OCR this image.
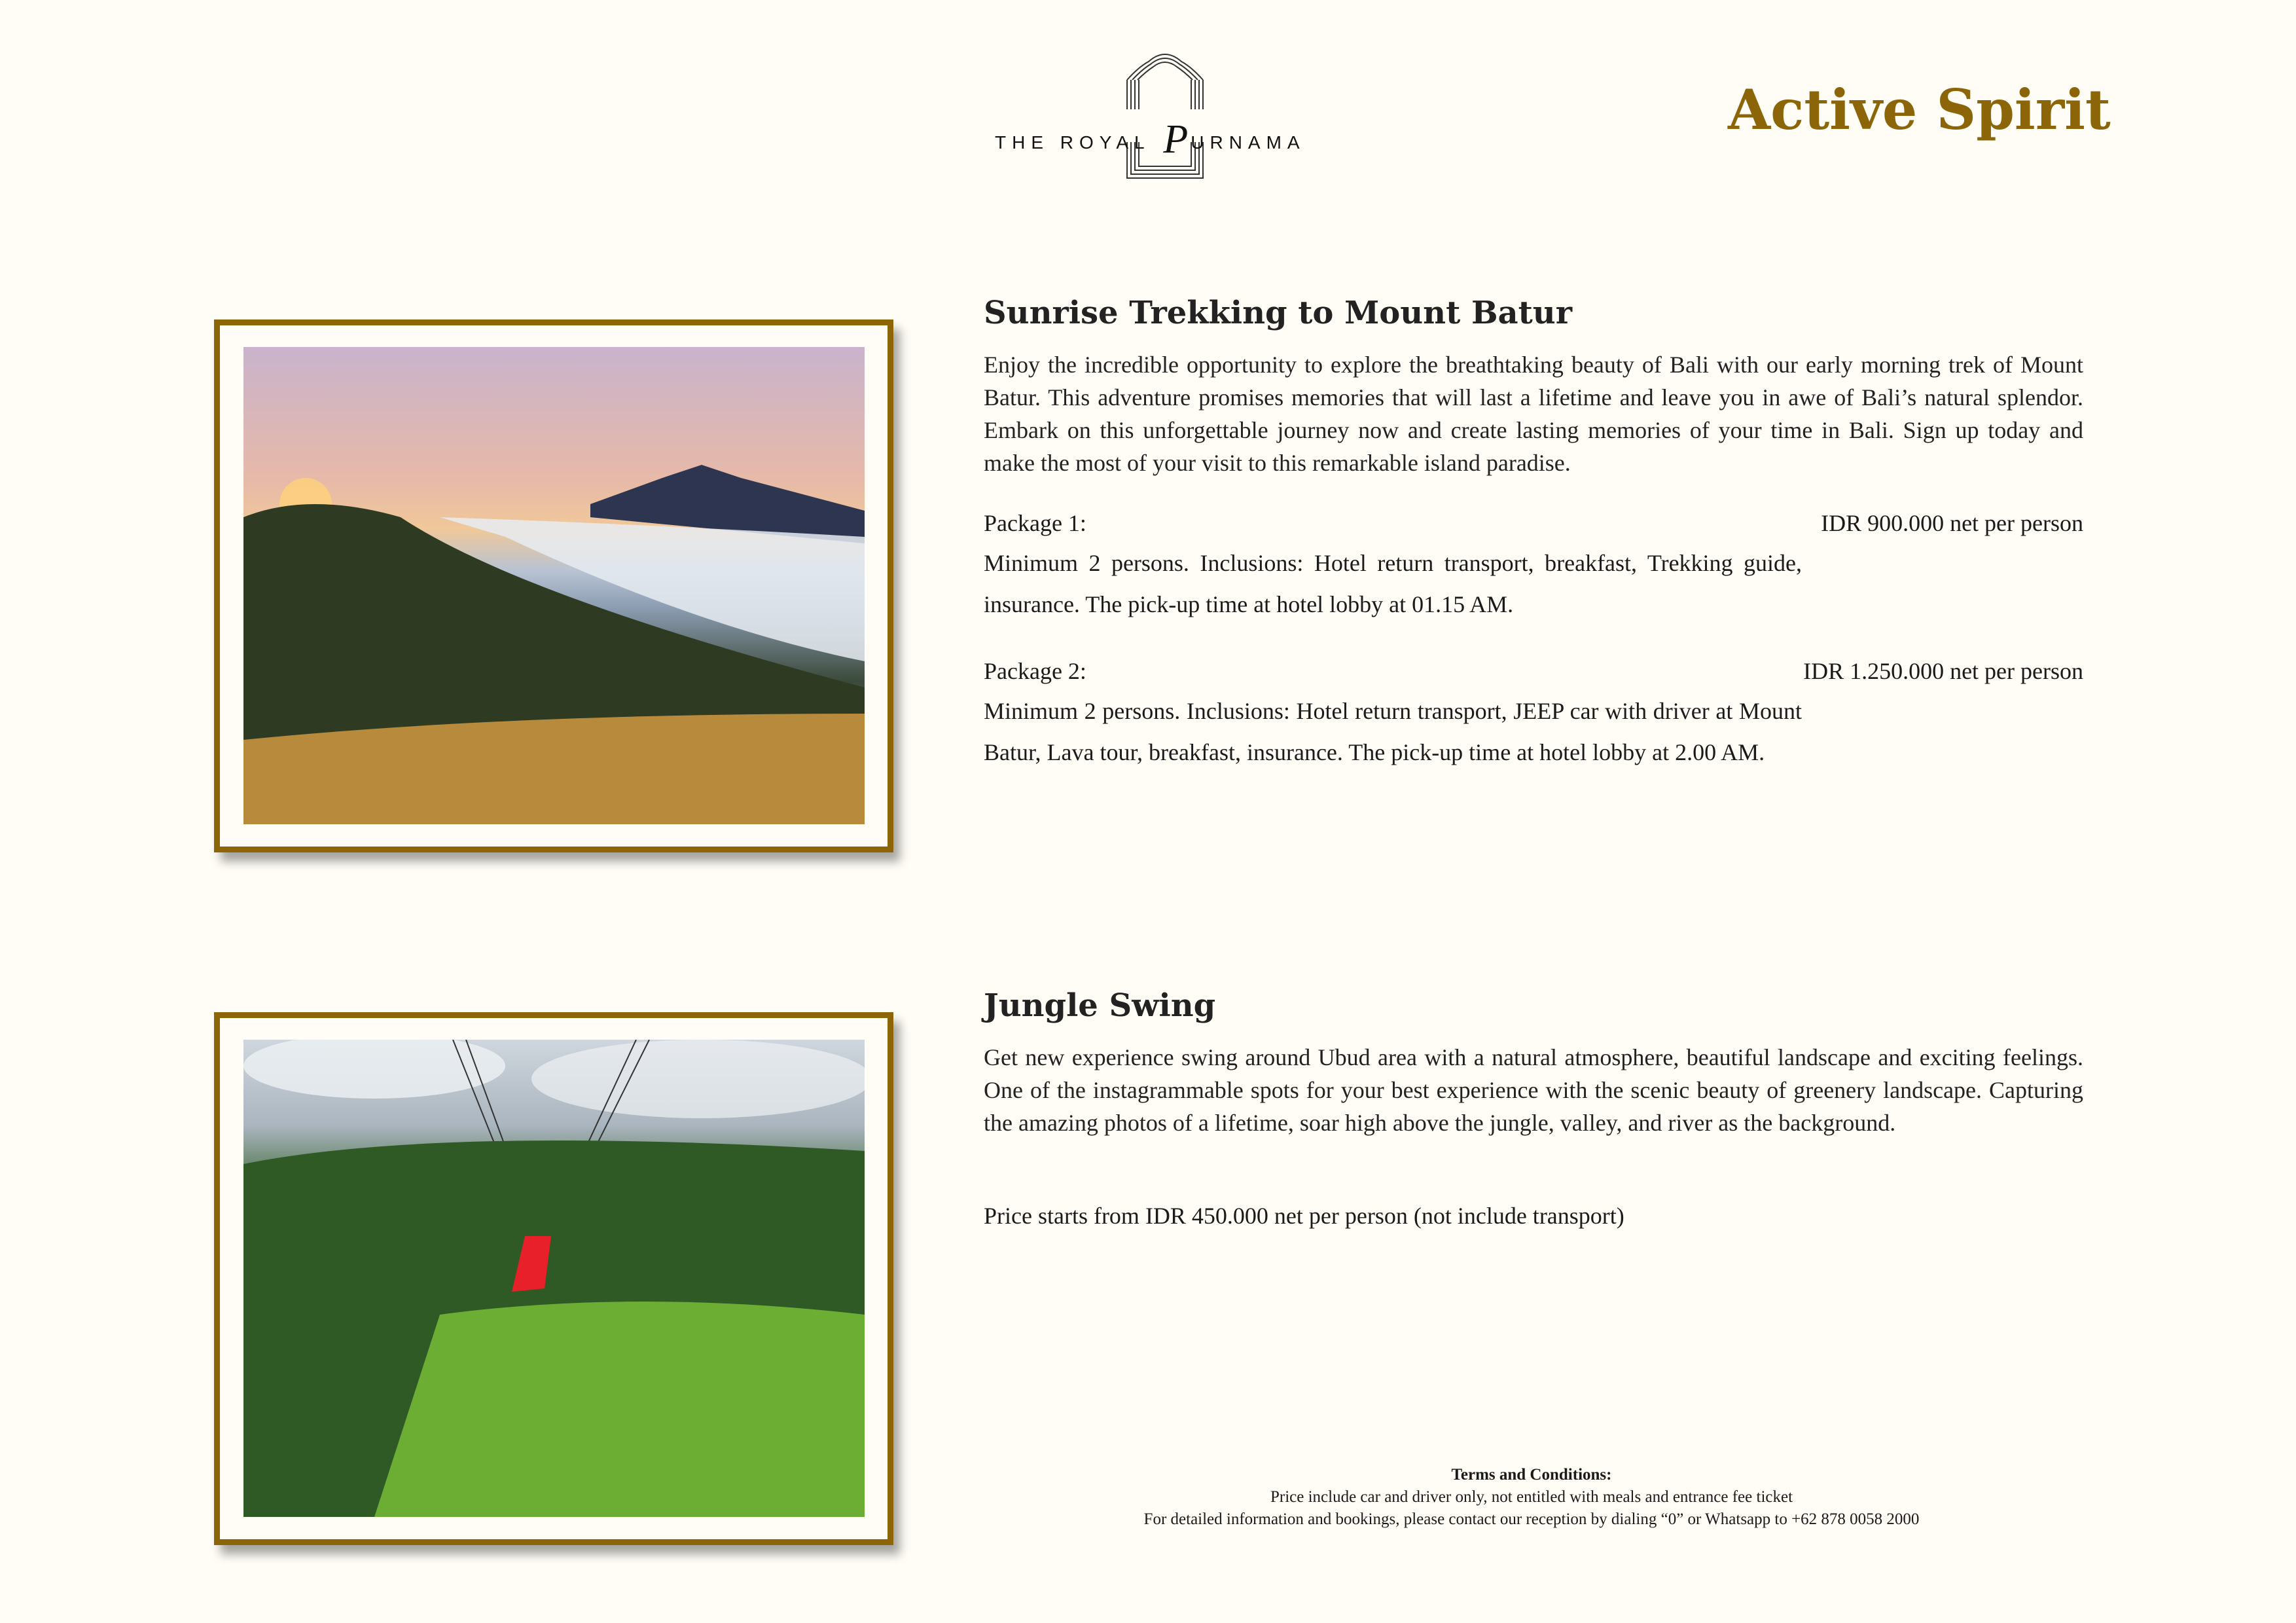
THE ROYAL P URNAMA
Active Spirit
Sunrise Trekking to Mount Batur
Enjoy the incredible opportunity to explore the breathtaking beauty of Bali with our early morning trek of Mount Batur. This adventure promises memories that will last a lifetime and leave you in awe of Bali’s natural splendor. Embark on this unforgettable journey now and create lasting memories of your time in Bali. Sign up today and make the most of your visit to this remarkable island paradise.
Package 1:	IDR 900.000 net per person
Minimum 2 persons. Inclusions: Hotel return transport, breakfast, Trekking guide, insurance. The pick-up time at hotel lobby at 01.15 AM.
Package 2:	IDR 1.250.000 net per person
Minimum 2 persons. Inclusions: Hotel return transport, JEEP car with driver at Mount Batur, Lava tour, breakfast, insurance. The pick-up time at hotel lobby at 2.00 AM.
Jungle Swing
Get new experience swing around Ubud area with a natural atmosphere, beautiful landscape and exciting feelings. One of the instagrammable spots for your best experience with the scenic beauty of greenery landscape. Capturing the amazing photos of a lifetime, soar high above the jungle, valley, and river as the background.
Price starts from IDR 450.000 net per person (not include transport)
Terms and Conditions:
Price include car and driver only, not entitled with meals and entrance fee ticket
For detailed information and bookings, please contact our reception by dialing “0” or Whatsapp to +62 878 0058 2000
